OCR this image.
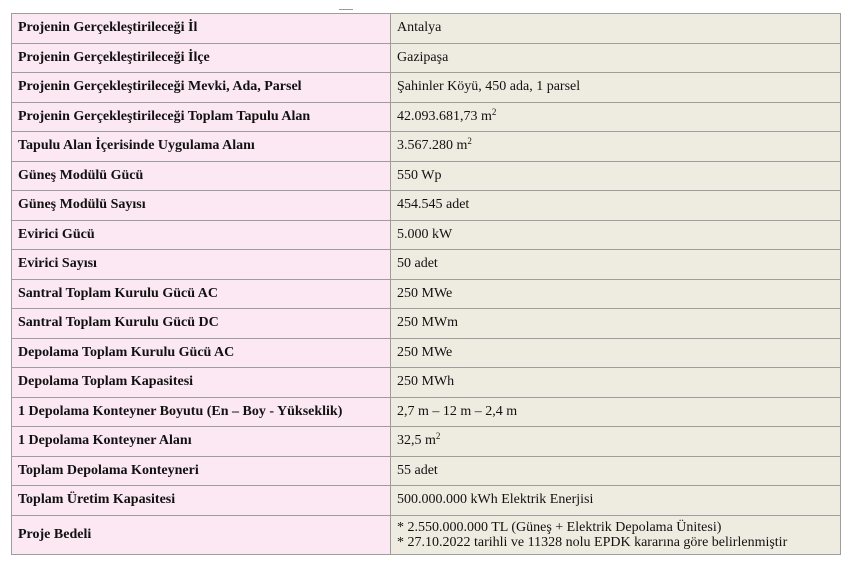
Projenin Gerçekleştirileceği İl	Antalya
Projenin Gerçekleştirileceği İlçe	Gazipaşa
Projenin Gerçekleştirileceği Mevki, Ada, Parsel	Şahinler Köyü, 450 ada, 1 parsel
Projenin Gerçekleştirileceği Toplam Tapulu Alan	42.093.681,73 $m^2$
Tapulu Alan İçerisinde Uygulama Alanı	3.567.280 $m^2$
Güneş Modülü Gücü	550 Wp
Güneş Modülü Sayısı	454.545 adet
Evirici Gücü	5.000 kW
Evirici Sayısı	50 adet
Santral Toplam Kurulu Gücü AC	250 MWe
Santral Toplam Kurulu Gücü DC	250 MWm
Depolama Toplam Kurulu Gücü AC	250 MWe
Depolama Toplam Kapasitesi	250 MWh
1 Depolama Konteyner Boyutu (En – Boy - Yükseklik)	2,7 m – 12 m – 2,4 m
1 Depolama Konteyner Alanı	32,5 $m^2$
Toplam Depolama Konteyneri	55 adet
Toplam Üretim Kapasitesi	500.000.000 kWh Elektrik Enerjisi
Proje Bedeli	* 2.550.000.000 TL (Güneş + Elektrik Depolama Ünitesi)
* 27.10.2022 tarihli ve 11328 nolu EPDK kararına göre belirlenmiştir
